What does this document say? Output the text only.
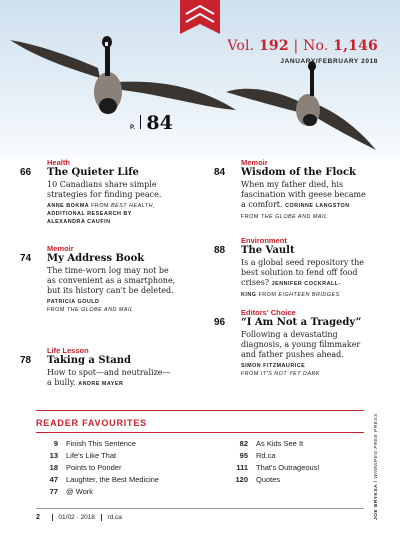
Vol. 192 | No. 1,146
JANUARY/FEBRUARY 2018
P. 84
Health
66	The Quieter Life
10 Canadians share simple
strategies for finding peace.
ANNE BOKMA FROM BEST HEALTH,
ADDITIONAL RESEARCH BY
ALEXANDRA CAUFIN
Memoir
74	My Address Book
The time-worn log may not be
as convenient as a smartphone,
but its history can't be deleted.
PATRICIA GOULD
FROM THE GLOBE AND MAIL
Life Lesson
78	Taking a Stand
How to spot—and neutralize—
a bully. ANDRE MAYER
Memoir
84	Wisdom of the Flock
When my father died, his
fascination with geese became
a comfort. CORINNE LANGSTON
FROM THE GLOBE AND MAIL
Environment
88	The Vault
Is a global seed repository the
best solution to fend off food
crises? JENNIFER COCKRALL-
KING FROM EIGHTEEN BRIDGES
Editors' Choice
96	“I Am Not a Tragedy”
Following a devastating
diagnosis, a young filmmaker
and father pushes ahead.
SIMON FITZMAURICE
FROM IT'S NOT YET DARK
READER FAVOURITES
9 Finish This Sentence
13 Life's Like That
18 Points to Ponder
47 Laughter, the Best Medicine
77 @ Work
82 As Kids See It
95 Rd.ca
111 That's Outrageous!
120 Quotes
2	01/02 · 2018 rd.ca	JOE BRYKSA / WINNIPEG FREE PRESS
